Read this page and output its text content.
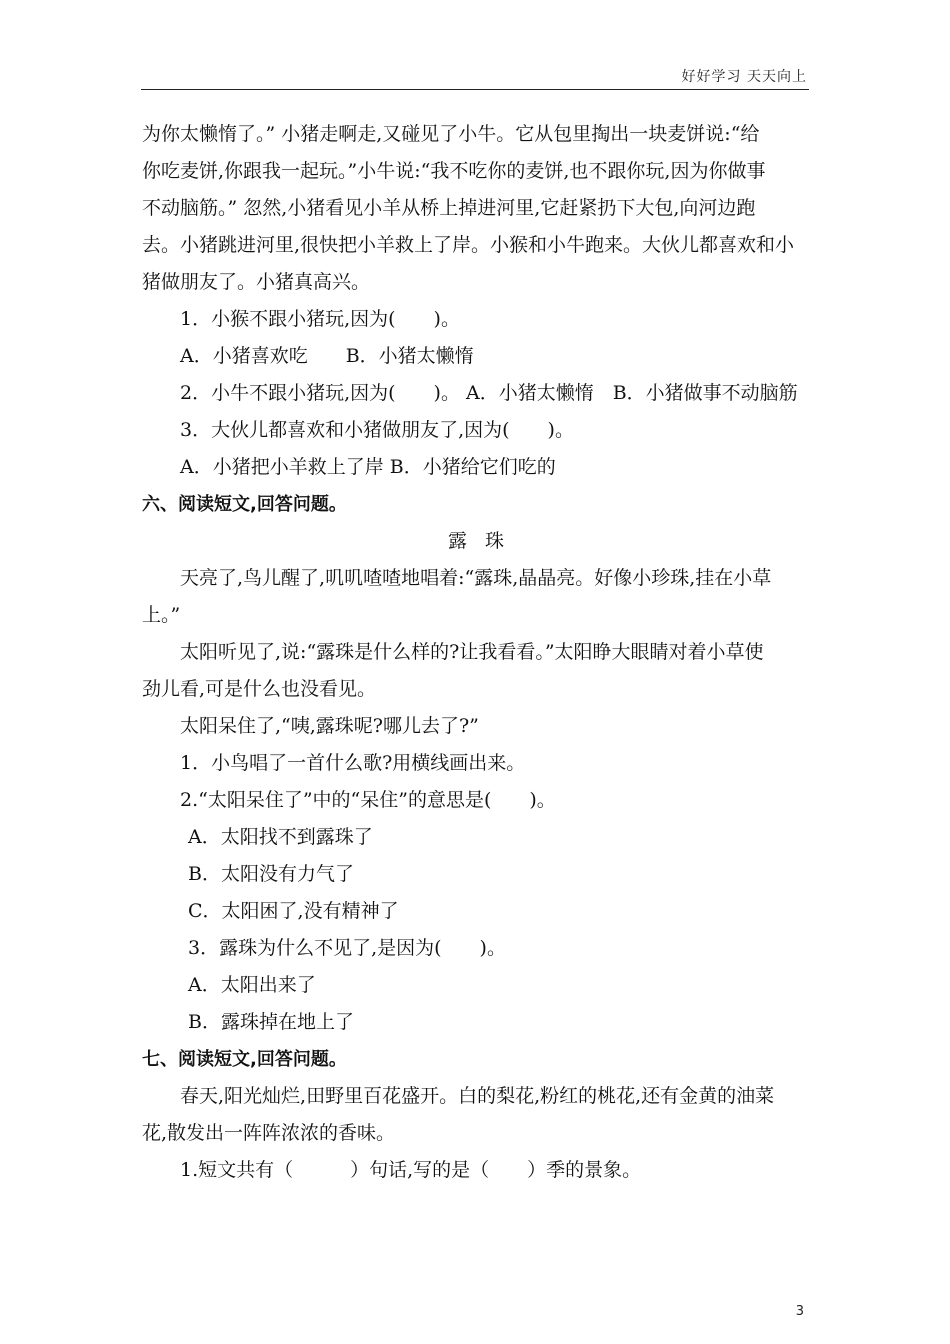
好好学习 天天向上
为你太懒惰了。” 小猪走啊走,又碰见了小牛。它从包里掏出一块麦饼说:“给
你吃麦饼,你跟我一起玩。”小牛说:“我不吃你的麦饼,也不跟你玩,因为你做事
不动脑筋。” 忽然,小猪看见小羊从桥上掉进河里,它赶紧扔下大包,向河边跑
去。小猪跳进河里,很快把小羊救上了岸。小猴和小牛跑来。大伙儿都喜欢和小
猪做朋友了。小猪真高兴。
1．小猴不跟小猪玩,因为(　　)。
A．小猪喜欢吃　　B．小猪太懒惰
2．小牛不跟小猪玩,因为(　　)。 A．小猪太懒惰　B．小猪做事不动脑筋
3．大伙儿都喜欢和小猪做朋友了,因为(　　)。
A．小猪把小羊救上了岸 B．小猪给它们吃的
六、阅读短文,回答问题。
露珠
天亮了,鸟儿醒了,叽叽喳喳地唱着:“露珠,晶晶亮。好像小珍珠,挂在小草
上。”
太阳听见了,说:“露珠是什么样的?让我看看。”太阳睁大眼睛对着小草使
劲儿看,可是什么也没看见。
太阳呆住了,“咦,露珠呢?哪儿去了?”
1．小鸟唱了一首什么歌?用横线画出来。
2.“太阳呆住了”中的“呆住”的意思是(　　)。
A．太阳找不到露珠了
B．太阳没有力气了
C．太阳困了,没有精神了
3．露珠为什么不见了,是因为(　　)。
A．太阳出来了
B．露珠掉在地上了
七、阅读短文,回答问题。
春天,阳光灿烂,田野里百花盛开。白的梨花,粉红的桃花,还有金黄的油菜
花,散发出一阵阵浓浓的香味。
1.短文共有（　　　）句话,写的是（　　）季的景象。
3
